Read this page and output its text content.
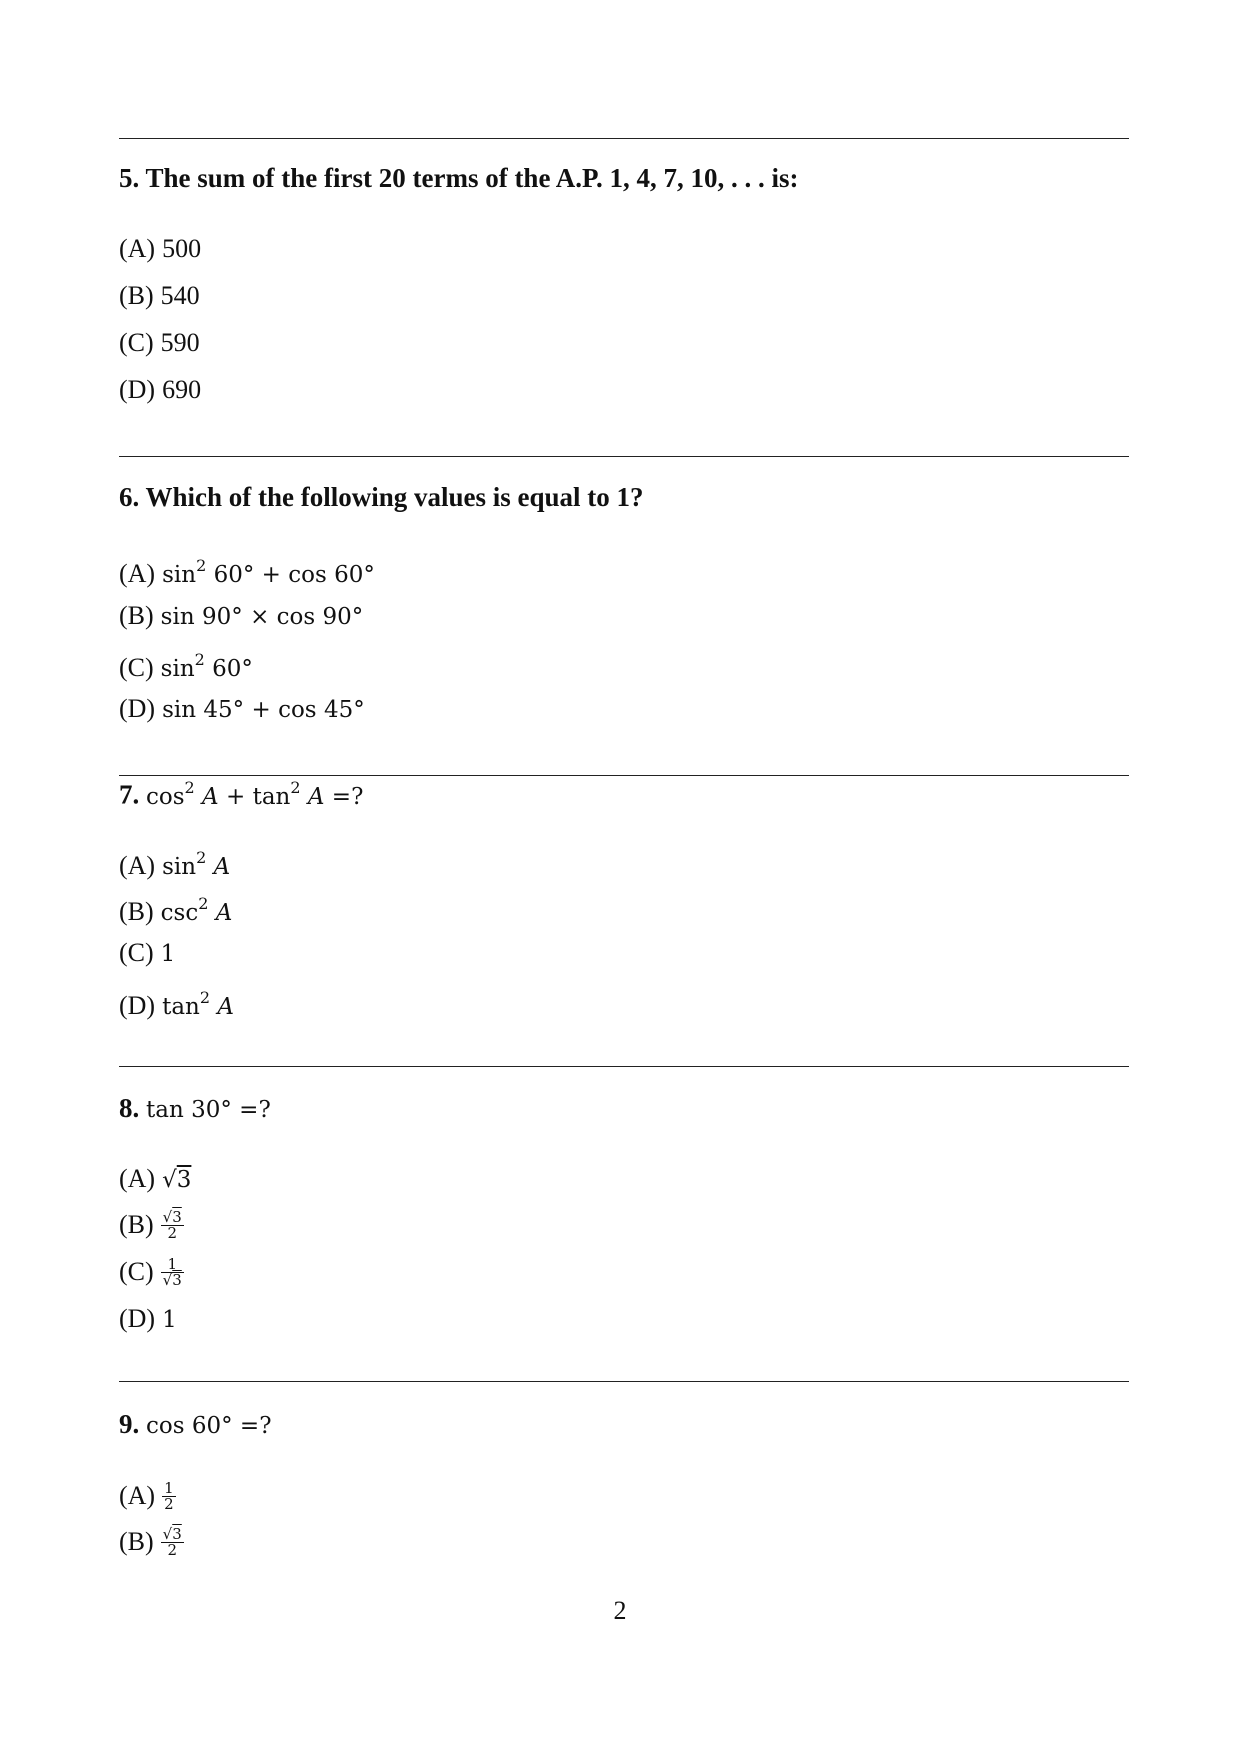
5. The sum of the first 20 terms of the A.P. 1, 4, 7, 10, . . . is:
(A) 500
(B) 540
(C) 590
(D) 690
6. Which of the following values is equal to 1?
(A) $\sin^2 60^\circ + \cos 60^\circ$
(B) sin 90° × cos 90°
(C) $\sin^2 60^\circ$
(D) sin 45° + cos 45°
7. $\cos^2 A + \tan^2 A$ =?
(A) $\sin^2 A$
(B) $\csc^2 A$
(C) 1
(D) $\tan^2 A$
8. tan 30° =?
(A) √3
$(B) \frac{√3}{2}$
$(C) \frac{1}{√3}$
(D) 1
9. cos 60° =?
$(A) \frac{1}{2}$
$(B) \frac{√3}{2}$
2
